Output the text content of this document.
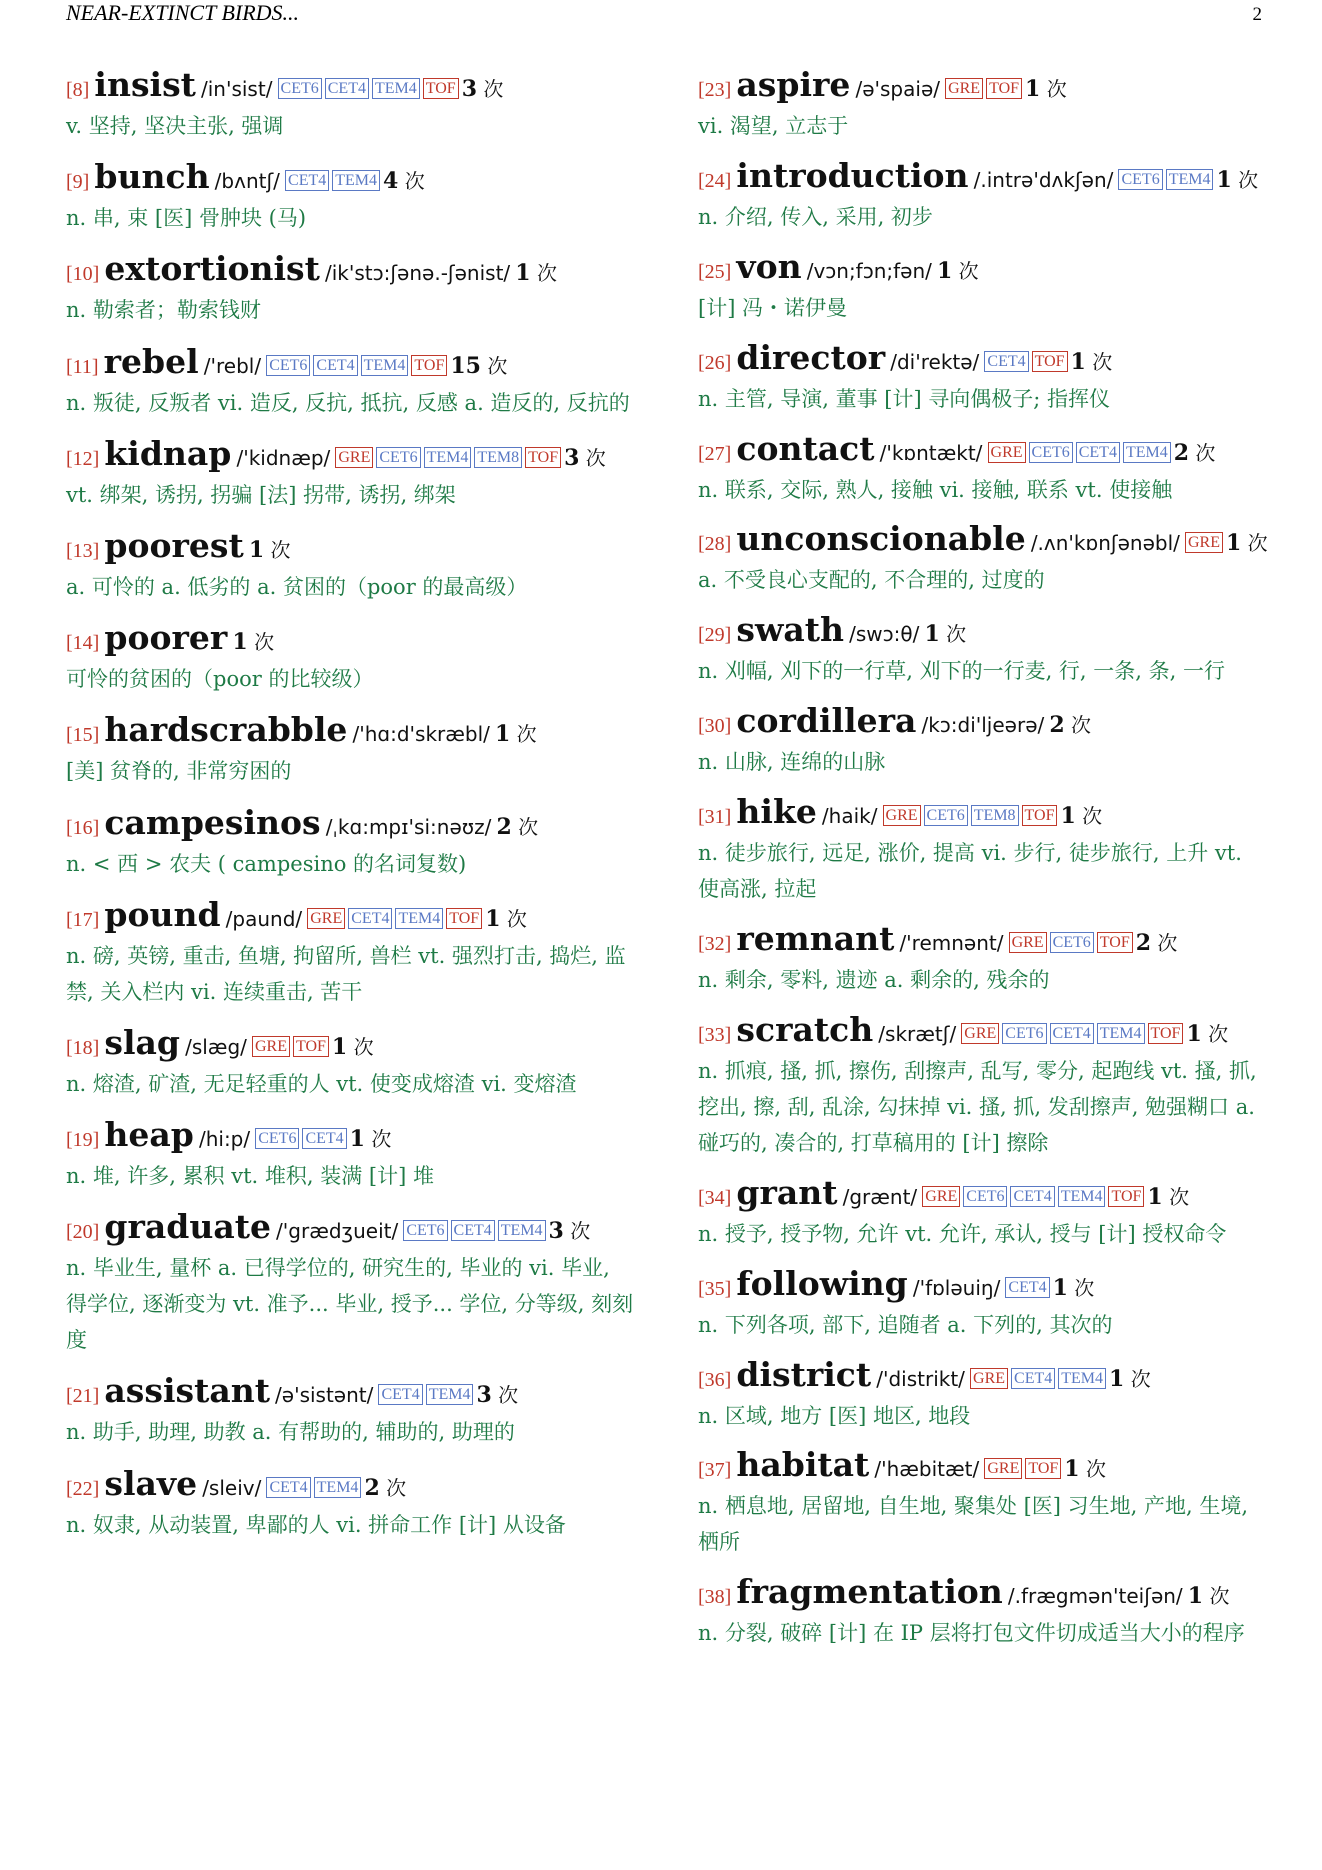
NEAR-EXTINCT BIRDS...	2
[8] insist /in'sist/ CET6 CET4 TEM4 TOF 3 次
v. 坚持, 坚决主张, 强调
[9] bunch /bʌntʃ/ CET4 TEM4 4 次
n. 串, 束 [医] 骨肿块 (马)
[10] extortionist /ik'stɔ:ʃənə.-ʃənist/ 1 次
n. 勒索者；勒索钱财
[11] rebel /'rebl/ CET6 CET4 TEM4 TOF 15 次
n. 叛徒, 反叛者 vi. 造反, 反抗, 抵抗, 反感 a. 造反的, 反抗的
[12] kidnap /'kidnæp/ GRE CET6 TEM4 TEM8 TOF 3 次
vt. 绑架, 诱拐, 拐骗 [法] 拐带, 诱拐, 绑架
[13] poorest 1 次
a. 可怜的 a. 低劣的 a. 贫困的（poor 的最高级）
[14] poorer 1 次
可怜的贫困的（poor 的比较级）
[15] hardscrabble /'hɑ:d'skræbl/ 1 次
[美] 贫脊的, 非常穷困的
[16] campesinos /ˌkɑ:mpɪ'si:nəʊz/ 2 次
n. < 西 > 农夫 ( campesino 的名词复数)
[17] pound /paund/ GRE CET4 TEM4 TOF 1 次
n. 磅, 英镑, 重击, 鱼塘, 拘留所, 兽栏 vt. 强烈打击, 捣烂, 监禁, 关入栏内 vi. 连续重击, 苦干
[18] slag /slæg/ GRE TOF 1 次
n. 熔渣, 矿渣, 无足轻重的人 vt. 使变成熔渣 vi. 变熔渣
[19] heap /hi:p/ CET6 CET4 1 次
n. 堆, 许多, 累积 vt. 堆积, 装满 [计] 堆
[20] graduate /'grædʒueit/ CET6 CET4 TEM4 3 次
n. 毕业生, 量杯 a. 已得学位的, 研究生的, 毕业的 vi. 毕业, 得学位, 逐渐变为 vt. 准予... 毕业, 授予... 学位, 分等级, 刻刻度
[21] assistant /ə'sistənt/ CET4 TEM4 3 次
n. 助手, 助理, 助教 a. 有帮助的, 辅助的, 助理的
[22] slave /sleiv/ CET4 TEM4 2 次
n. 奴隶, 从动装置, 卑鄙的人 vi. 拼命工作 [计] 从设备
[23] aspire /ə'spaiə/ GRE TOF 1 次
vi. 渴望, 立志于
[24] introduction /.intrə'dʌkʃən/ CET6 TEM4 1 次
n. 介绍, 传入, 采用, 初步
[25] von /vɔn;fɔn;fən/ 1 次
[计] 冯・诺伊曼
[26] director /di'rektə/ CET4 TOF 1 次
n. 主管, 导演, 董事 [计] 寻向偶极子; 指挥仪
[27] contact /'kɒntækt/ GRE CET6 CET4 TEM4 2 次
n. 联系, 交际, 熟人, 接触 vi. 接触, 联系 vt. 使接触
[28] unconscionable /.ʌn'kɒnʃənəbl/ GRE 1 次
a. 不受良心支配的, 不合理的, 过度的
[29] swath /swɔ:θ/ 1 次
n. 刈幅, 刈下的一行草, 刈下的一行麦, 行, 一条, 条, 一行
[30] cordillera /kɔ:di'ljeərə/ 2 次
n. 山脉, 连绵的山脉
[31] hike /haik/ GRE CET6 TEM8 TOF 1 次
n. 徒步旅行, 远足, 涨价, 提高 vi. 步行, 徒步旅行, 上升 vt. 使高涨, 拉起
[32] remnant /'remnənt/ GRE CET6 TOF 2 次
n. 剩余, 零料, 遗迹 a. 剩余的, 残余的
[33] scratch /skrætʃ/ GRE CET6 CET4 TEM4 TOF 1 次
n. 抓痕, 搔, 抓, 擦伤, 刮擦声, 乱写, 零分, 起跑线 vt. 搔, 抓, 挖出, 擦, 刮, 乱涂, 勾抹掉 vi. 搔, 抓, 发刮擦声, 勉强糊口 a. 碰巧的, 凑合的, 打草稿用的 [计] 擦除
[34] grant /grænt/ GRE CET6 CET4 TEM4 TOF 1 次
n. 授予, 授予物, 允许 vt. 允许, 承认, 授与 [计] 授权命令
[35] following /'fɒləuiŋ/ CET4 1 次
n. 下列各项, 部下, 追随者 a. 下列的, 其次的
[36] district /'distrikt/ GRE CET4 TEM4 1 次
n. 区域, 地方 [医] 地区, 地段
[37] habitat /'hæbitæt/ GRE TOF 1 次
n. 栖息地, 居留地, 自生地, 聚集处 [医] 习生地, 产地, 生境, 栖所
[38] fragmentation /.frægmən'teiʃən/ 1 次
n. 分裂, 破碎 [计] 在 IP 层将打包文件切成适当大小的程序
